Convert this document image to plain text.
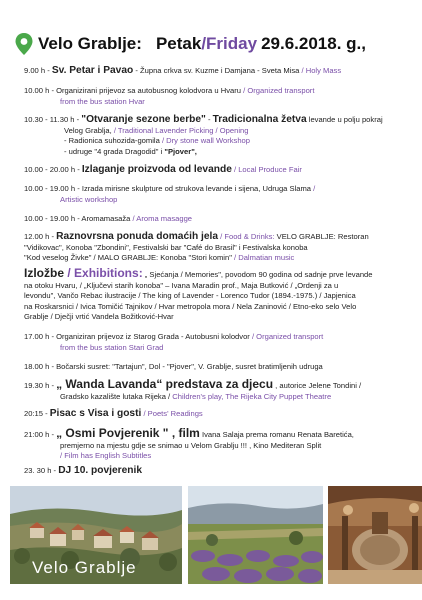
Velo Grablje: Petak / Friday 29.6.2018. g.,
9.00 h - Sv. Petar i Pavao - Župna crkva sv. Kuzme i Damjana - Sveta Misa / Holy Mass
10.00 h - Organizirani prijevoz sa autobusnog kolodvora u Hvaru / Organized transport
from the bus station Hvar
10.30 - 11.30 h - "Otvaranje sezone berbe" - Tradicionalna žetva levande u polju pokraj
Velog Grablja, / Traditional Lavender Picking / Opening
- Radionica suhozida-gomila / Dry stone wall Workshop
- udruge "4 grada Dragodid" i "Pjover",
10.00 - 20.00 h - Izlaganje proizvoda od levande / Local Produce Fair
10.00 - 19.00 h - Izrada mirisne skulpture od strukova levande i sijena, Udruga Slama /
Artistic workshop
10.00 - 19.00 h - Aromamasaža / Aroma masagge
12.00 h - Raznovrsna ponuda domaćih jela / Food & Drinks: VELO GRABLJE: Restoran
"Vidikovac", Konoba "Zbondini", Festivalski bar "Café do Brasil" i Festivalska konoba
"Kod veselog Živke" / MALO GRABLJE: Konoba "Stori komin" / Dalmatian music
Izložbe / Exhibitions: „ Sjećanja / Memories", povodom 90 godina od sadnje prve levande
na otoku Hvaru, / „Ključevi starih konoba" – Ivana Maradin prof., Maja Butković / „Ordenji za u
levondu", Vančo Rebac ilustracije / The king of Lavender - Lorenco Tudor (1894.-1975.) / Japjenica
na Roskarsnici / Ivica Tomičić Tajnikov / Hvar metropola mora / Nela Zaninović / Etno-eko selo Velo
Grablje / Dječji vrtić Vandela Božitković-Hvar
17.00 h - Organiziran prijevoz iz Starog Grada - Autobusni kolodvor / Organized transport
from the bus station Stari Grad
18.00 h - Bočarski susret: "Tartajun", Dol - "Pjover", V. Grablje, susret bratimljenih udruga
19.30 h - „ Wanda Lavanda“ predstava za djecu , autorice Jelene Tondini /
Gradsko kazalište lutaka Rijeka / Children's play, The Rijeka City Puppet Theatre
20:15 - Pisac s Visa i gosti / Poets' Readings
21:00 h - „ Osmi Povjerenik " , film Ivana Salaja prema romanu Renata Baretića,
premjerno na mjestu gdje se snimao u Velom Grablju !!! , Kino Mediteran Split
/ Film has English Subtitles
23. 30 h - DJ 10. povjerenik
Velo Grablje
